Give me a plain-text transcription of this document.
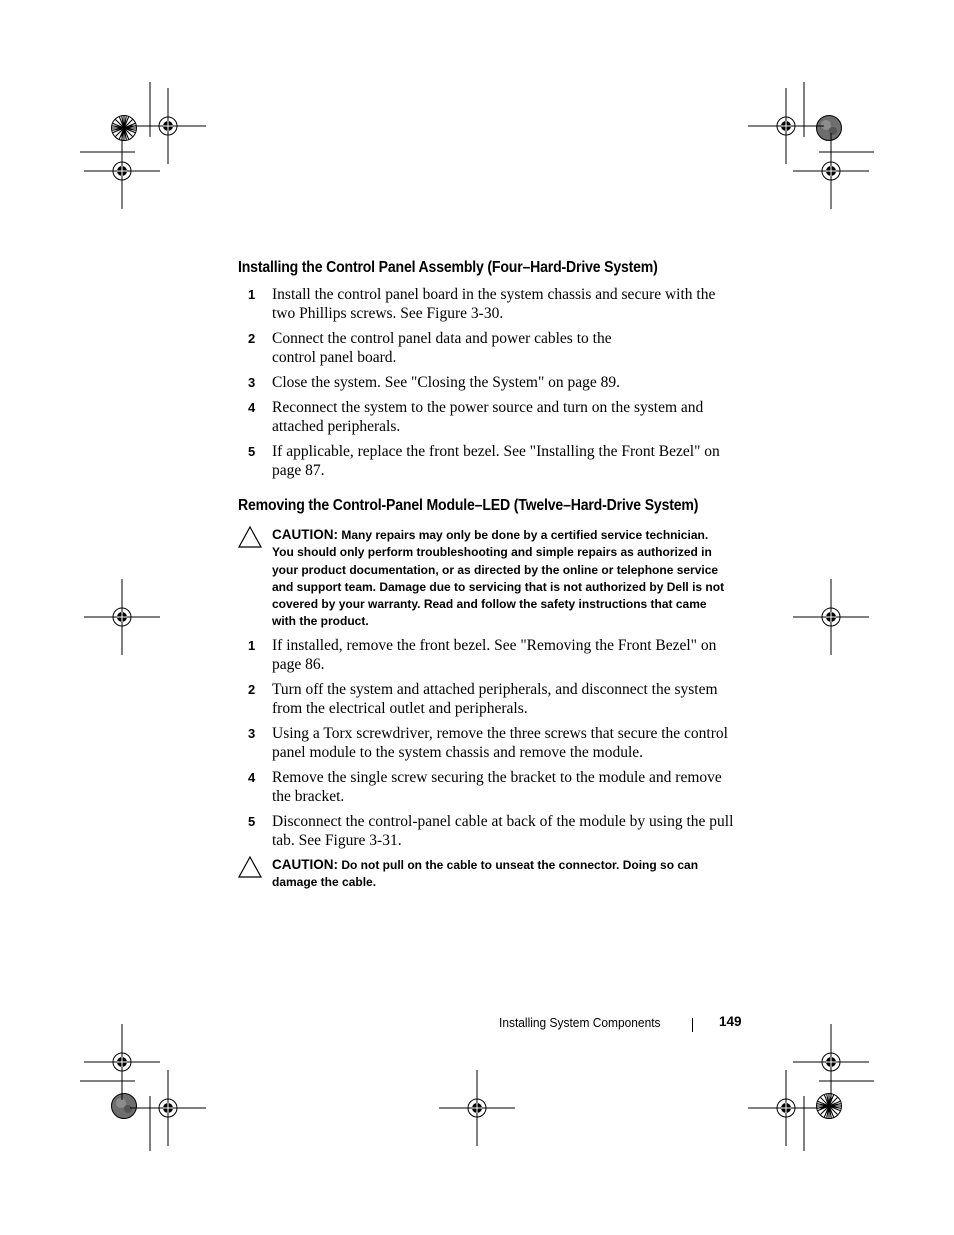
Installing the Control Panel Assembly (Four–Hard-Drive System)
1 Install the control panel board in the system chassis and secure with the two Phillips screws. See Figure 3-30.
2 Connect the control panel data and power cables to the control panel board.
3 Close the system. See "Closing the System" on page 89.
4 Reconnect the system to the power source and turn on the system and attached peripherals.
5 If applicable, replace the front bezel. See "Installing the Front Bezel" on page 87.
Removing the Control-Panel Module–LED (Twelve–Hard-Drive System)
CAUTION: Many repairs may only be done by a certified service technician. You should only perform troubleshooting and simple repairs as authorized in your product documentation, or as directed by the online or telephone service and support team. Damage due to servicing that is not authorized by Dell is not covered by your warranty. Read and follow the safety instructions that came with the product.
1 If installed, remove the front bezel. See "Removing the Front Bezel" on page 86.
2 Turn off the system and attached peripherals, and disconnect the system from the electrical outlet and peripherals.
3 Using a Torx screwdriver, remove the three screws that secure the control panel module to the system chassis and remove the module.
4 Remove the single screw securing the bracket to the module and remove the bracket.
5 Disconnect the control-panel cable at back of the module by using the pull tab. See Figure 3-31.
CAUTION: Do not pull on the cable to unseat the connector. Doing so can damage the cable.
Installing System Components	149
